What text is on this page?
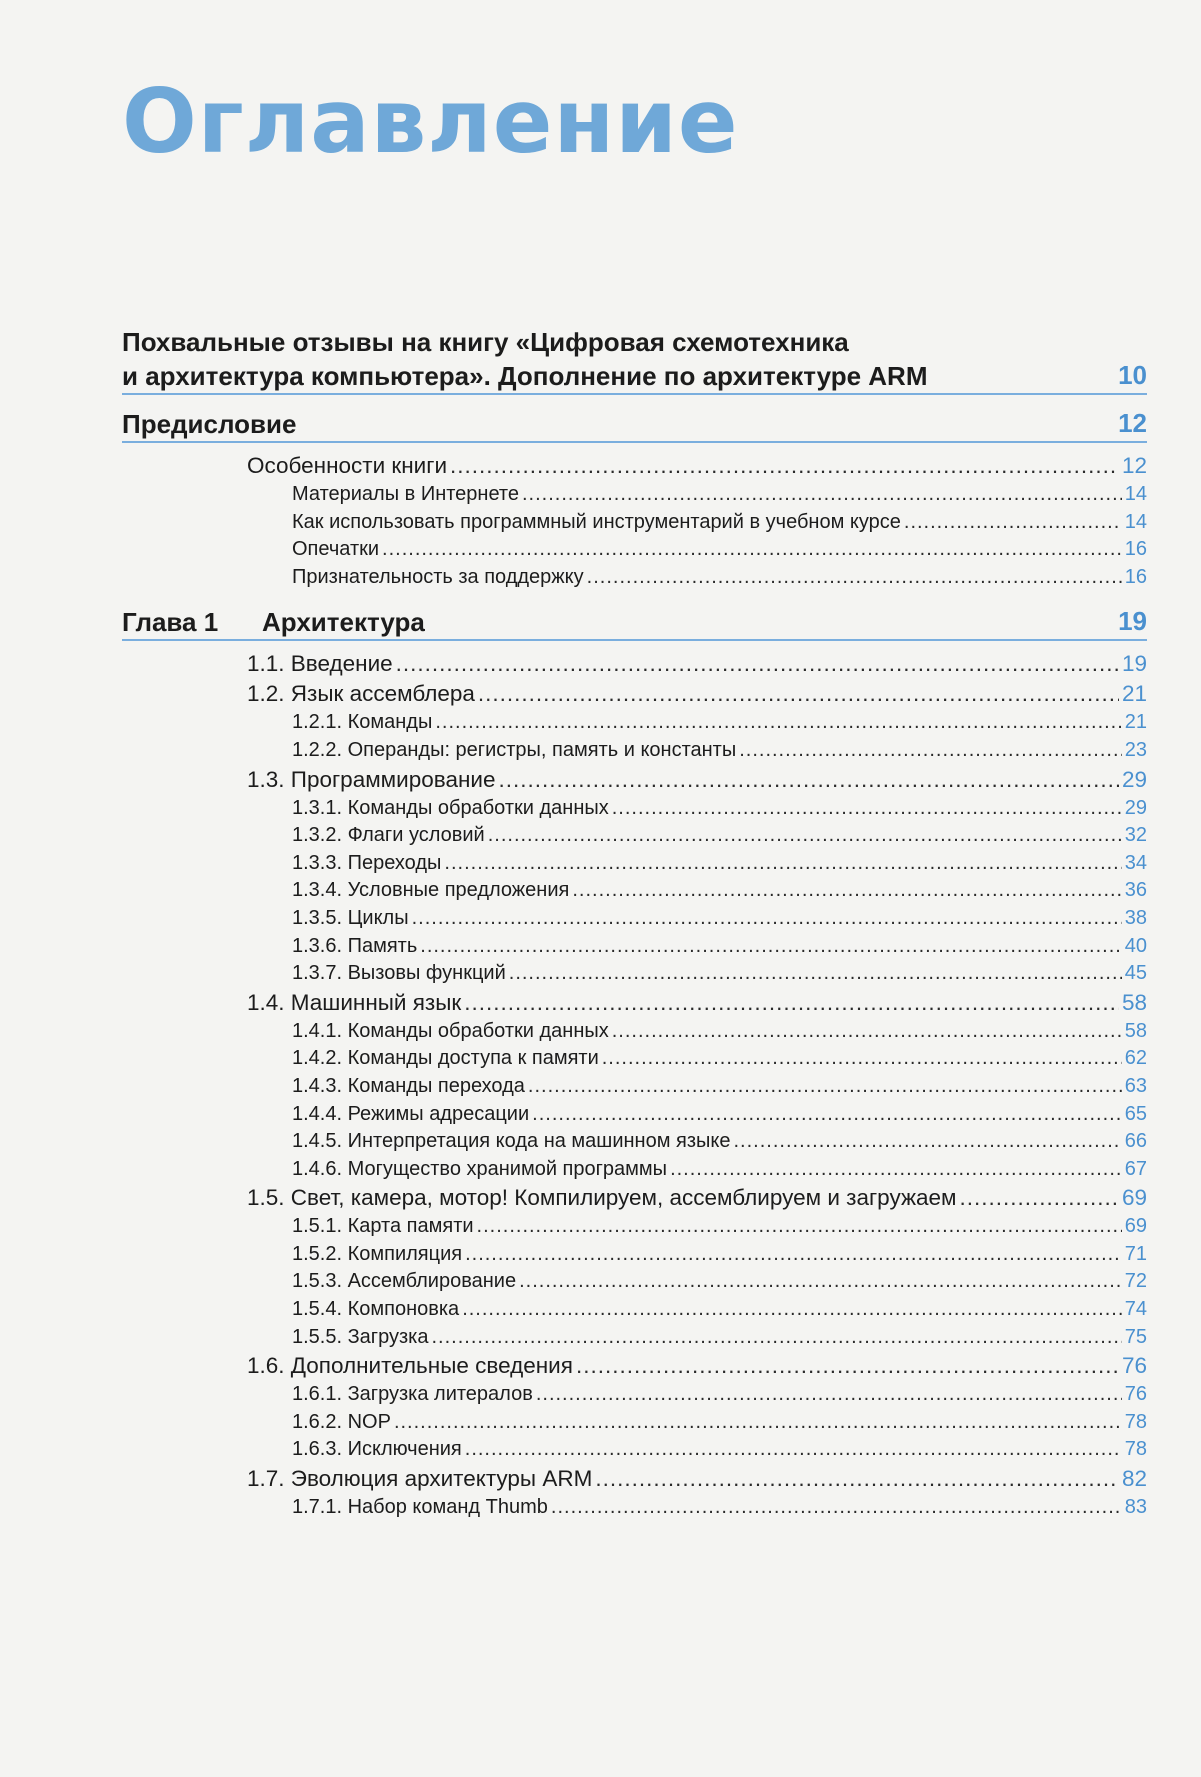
Оглавление
Похвальные отзывы на книгу «Цифровая схемотехника
и архитектура компьютера». Дополнение по архитектуре ARM	10
Предисловие	12
Особенности книги .....	12
Материалы в Интернете .....	14
Как использовать программный инструментарий в учебном курсе .....	14
Опечатки .....	16
Признательность за поддержку .....	16
Глава 1 Архитектура	19
1.1. Введение .....	19
1.2. Язык ассемблера .....	21
1.2.1. Команды .....	21
1.2.2. Операнды: регистры, память и константы .....	23
1.3. Программирование .....	29
1.3.1. Команды обработки данных .....	29
1.3.2. Флаги условий .....	32
1.3.3. Переходы .....	34
1.3.4. Условные предложения .....	36
1.3.5. Циклы .....	38
1.3.6. Память .....	40
1.3.7. Вызовы функций .....	45
1.4. Машинный язык .....	58
1.4.1. Команды обработки данных .....	58
1.4.2. Команды доступа к памяти .....	62
1.4.3. Команды перехода .....	63
1.4.4. Режимы адресации .....	65
1.4.5. Интерпретация кода на машинном языке .....	66
1.4.6. Могущество хранимой программы .....	67
1.5. Свет, камера, мотор! Компилируем, ассемблируем и загружаем .....	69
1.5.1. Карта памяти .....	69
1.5.2. Компиляция .....	71
1.5.3. Ассемблирование .....	72
1.5.4. Компоновка .....	74
1.5.5. Загрузка .....	75
1.6. Дополнительные сведения .....	76
1.6.1. Загрузка литералов .....	76
1.6.2. NOP .....	78
1.6.3. Исключения .....	78
1.7. Эволюция архитектуры ARM .....	82
1.7.1. Набор команд Thumb .....	83
